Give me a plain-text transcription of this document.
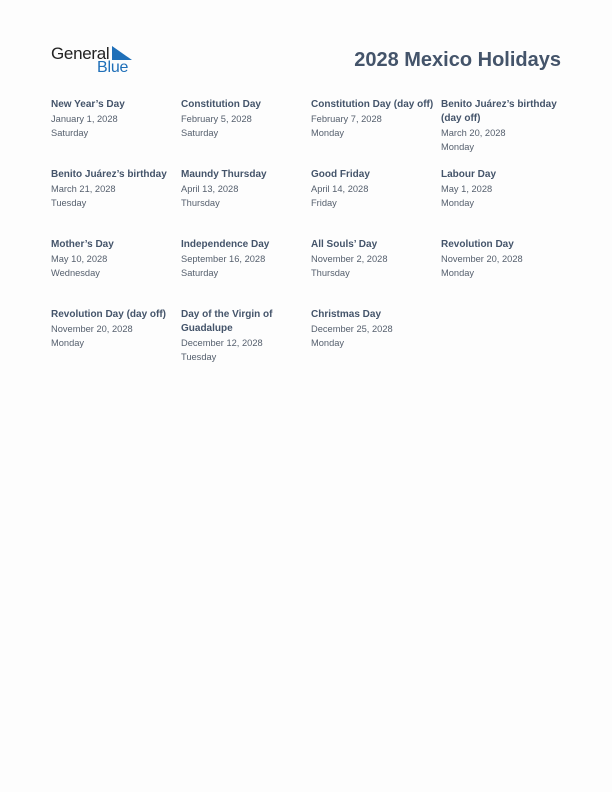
General
Blue	2028 Mexico Holidays
New Year’s Day
January 1, 2028
Saturday
Constitution Day
February 5, 2028
Saturday
Constitution Day (day off)
February 7, 2028
Monday
Benito Juárez’s birthday (day off)
March 20, 2028
Monday
Benito Juárez’s birthday
March 21, 2028
Tuesday
Maundy Thursday
April 13, 2028
Thursday
Good Friday
April 14, 2028
Friday
Labour Day
May 1, 2028
Monday
Mother’s Day
May 10, 2028
Wednesday
Independence Day
September 16, 2028
Saturday
All Souls’ Day
November 2, 2028
Thursday
Revolution Day
November 20, 2028
Monday
Revolution Day (day off)
November 20, 2028
Monday
Day of the Virgin of Guadalupe
December 12, 2028
Tuesday
Christmas Day
December 25, 2028
Monday
